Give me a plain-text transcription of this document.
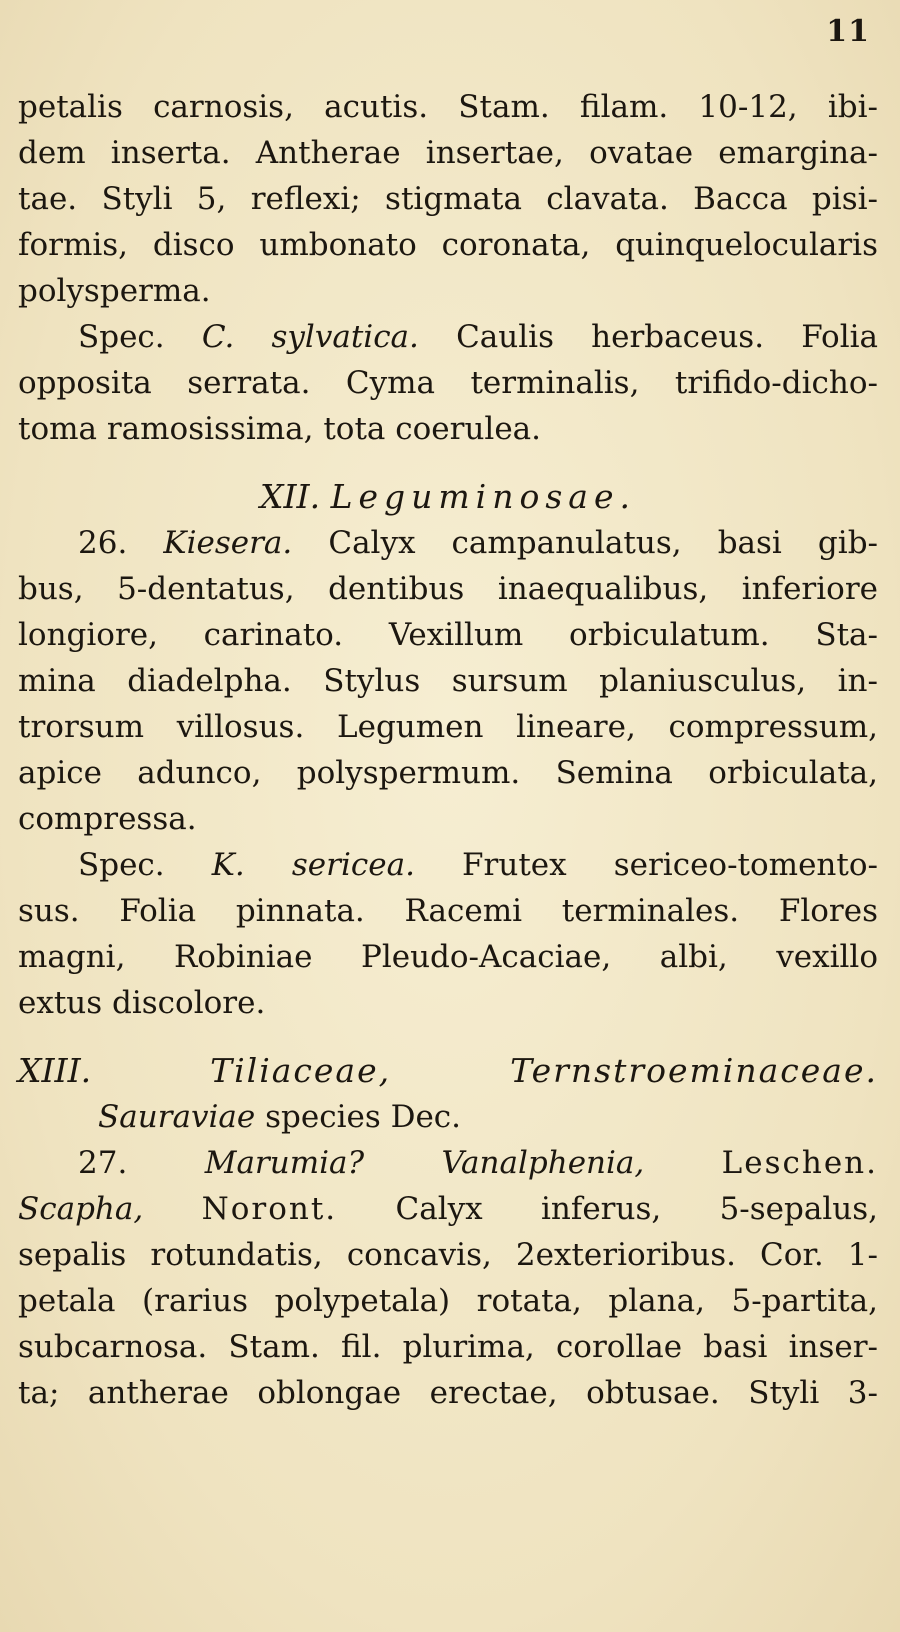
11
petalis carnosis, acutis. Stam. filam. 10-12, ibi-
dem inserta. Antherae insertae, ovatae emargina-
tae. Styli 5, reflexi; stigmata clavata. Bacca pisi-
formis, disco umbonato coronata, quinquelocularis
polysperma.
Spec. C. sylvatica. Caulis herbaceus. Folia
opposita serrata. Cyma terminalis, trifido-dicho-
toma ramosissima, tota coerulea.
XII. Leguminosae.
26. Kiesera. Calyx campanulatus, basi gib-
bus, 5-dentatus, dentibus inaequalibus, inferiore
longiore, carinato. Vexillum orbiculatum. Sta-
mina diadelpha. Stylus sursum planiusculus, in-
trorsum villosus. Legumen lineare, compressum,
apice adunco, polyspermum. Semina orbiculata,
compressa.
Spec. K. sericea. Frutex sericeo-tomento-
sus. Folia pinnata. Racemi terminales. Flores
magni, Robiniae Pleudo-Acaciae, albi, vexillo
extus discolore.
XIII.	Tiliaceae,	Ternstroeminaceae.
Sauraviae species Dec.
27. Marumia? Vanalphenia, Leschen.
Scapha, Noront. Calyx inferus, 5-sepalus,
sepalis rotundatis, concavis, 2exterioribus. Cor. 1-
petala (rarius polypetala) rotata, plana, 5-partita,
subcarnosa. Stam. fil. plurima, corollae basi inser-
ta; antherae oblongae erectae, obtusae. Styli 3-
